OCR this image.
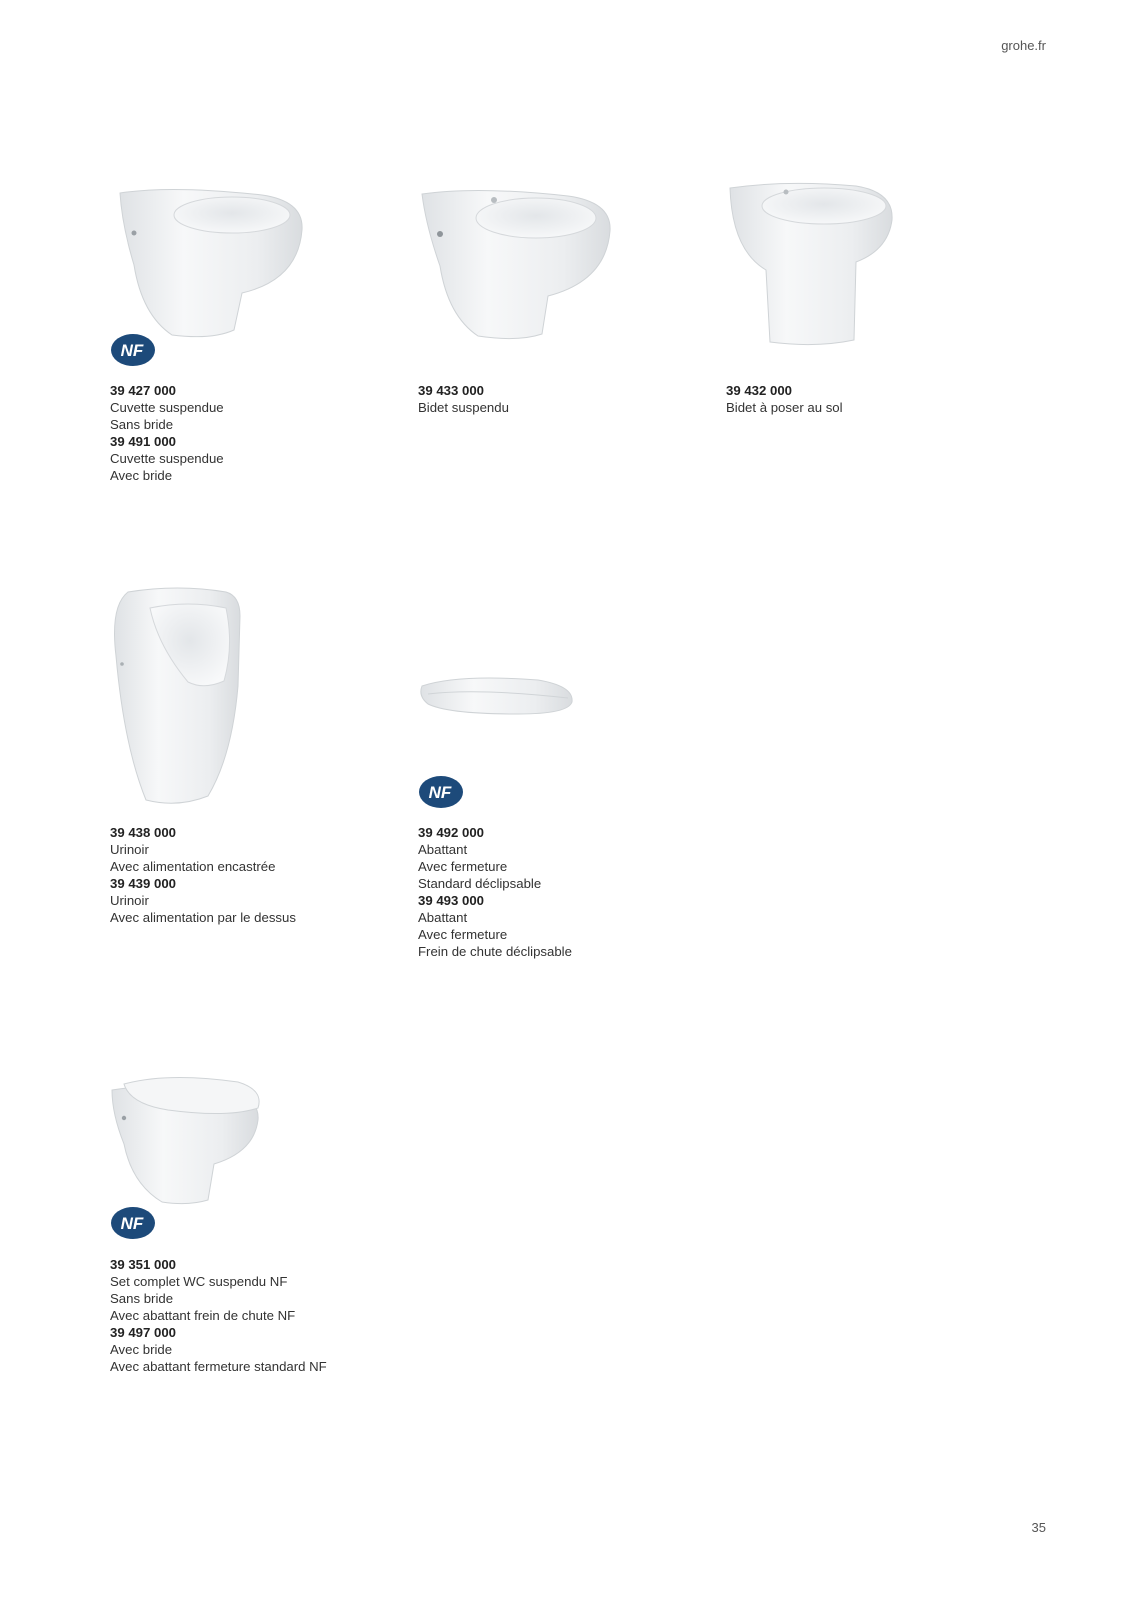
grohe.fr
NF
39 427 000
Cuvette suspendue
Sans bride
39 491 000
Cuvette suspendue
Avec bride
39 433 000
Bidet suspendu
39 432 000
Bidet à poser au sol
39 438 000
Urinoir
Avec alimentation encastrée
39 439 000
Urinoir
Avec alimentation par le dessus
NF
39 492 000
Abattant
Avec fermeture
Standard déclipsable
39 493 000
Abattant
Avec fermeture
Frein de chute déclipsable
NF
39 351 000
Set complet WC suspendu NF
Sans bride
Avec abattant frein de chute NF
39 497 000
Avec bride
Avec abattant fermeture standard NF
35
